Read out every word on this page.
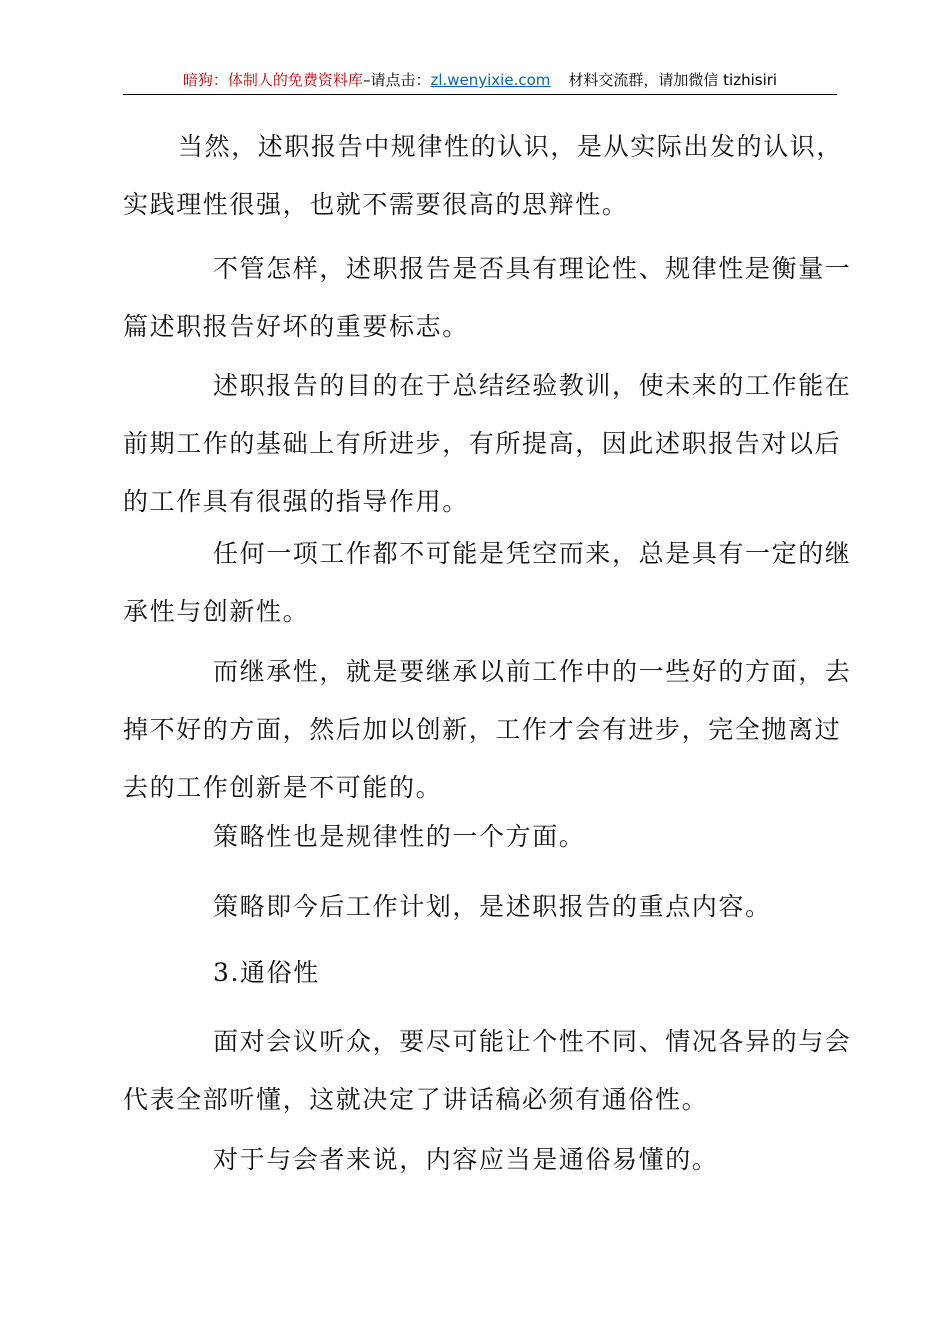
暗狗：体制人的免费资料库–请点击：zl.wenyixie.com 材料交流群，请加微信 tizhisiri
当然，述职报告中规律性的认识，是从实际出发的认识，
实践理性很强，也就不需要很高的思辩性。
不管怎样，述职报告是否具有理论性、规律性是衡量一
篇述职报告好坏的重要标志。
述职报告的目的在于总结经验教训，使未来的工作能在
前期工作的基础上有所进步，有所提高，因此述职报告对以后
的工作具有很强的指导作用。
任何一项工作都不可能是凭空而来，总是具有一定的继
承性与创新性。
而继承性，就是要继承以前工作中的一些好的方面，去
掉不好的方面，然后加以创新，工作才会有进步，完全抛离过
去的工作创新是不可能的。
策略性也是规律性的一个方面。
策略即今后工作计划，是述职报告的重点内容。
3.通俗性
面对会议听众，要尽可能让个性不同、情况各异的与会
代表全部听懂，这就决定了讲话稿必须有通俗性。
对于与会者来说，内容应当是通俗易懂的。
